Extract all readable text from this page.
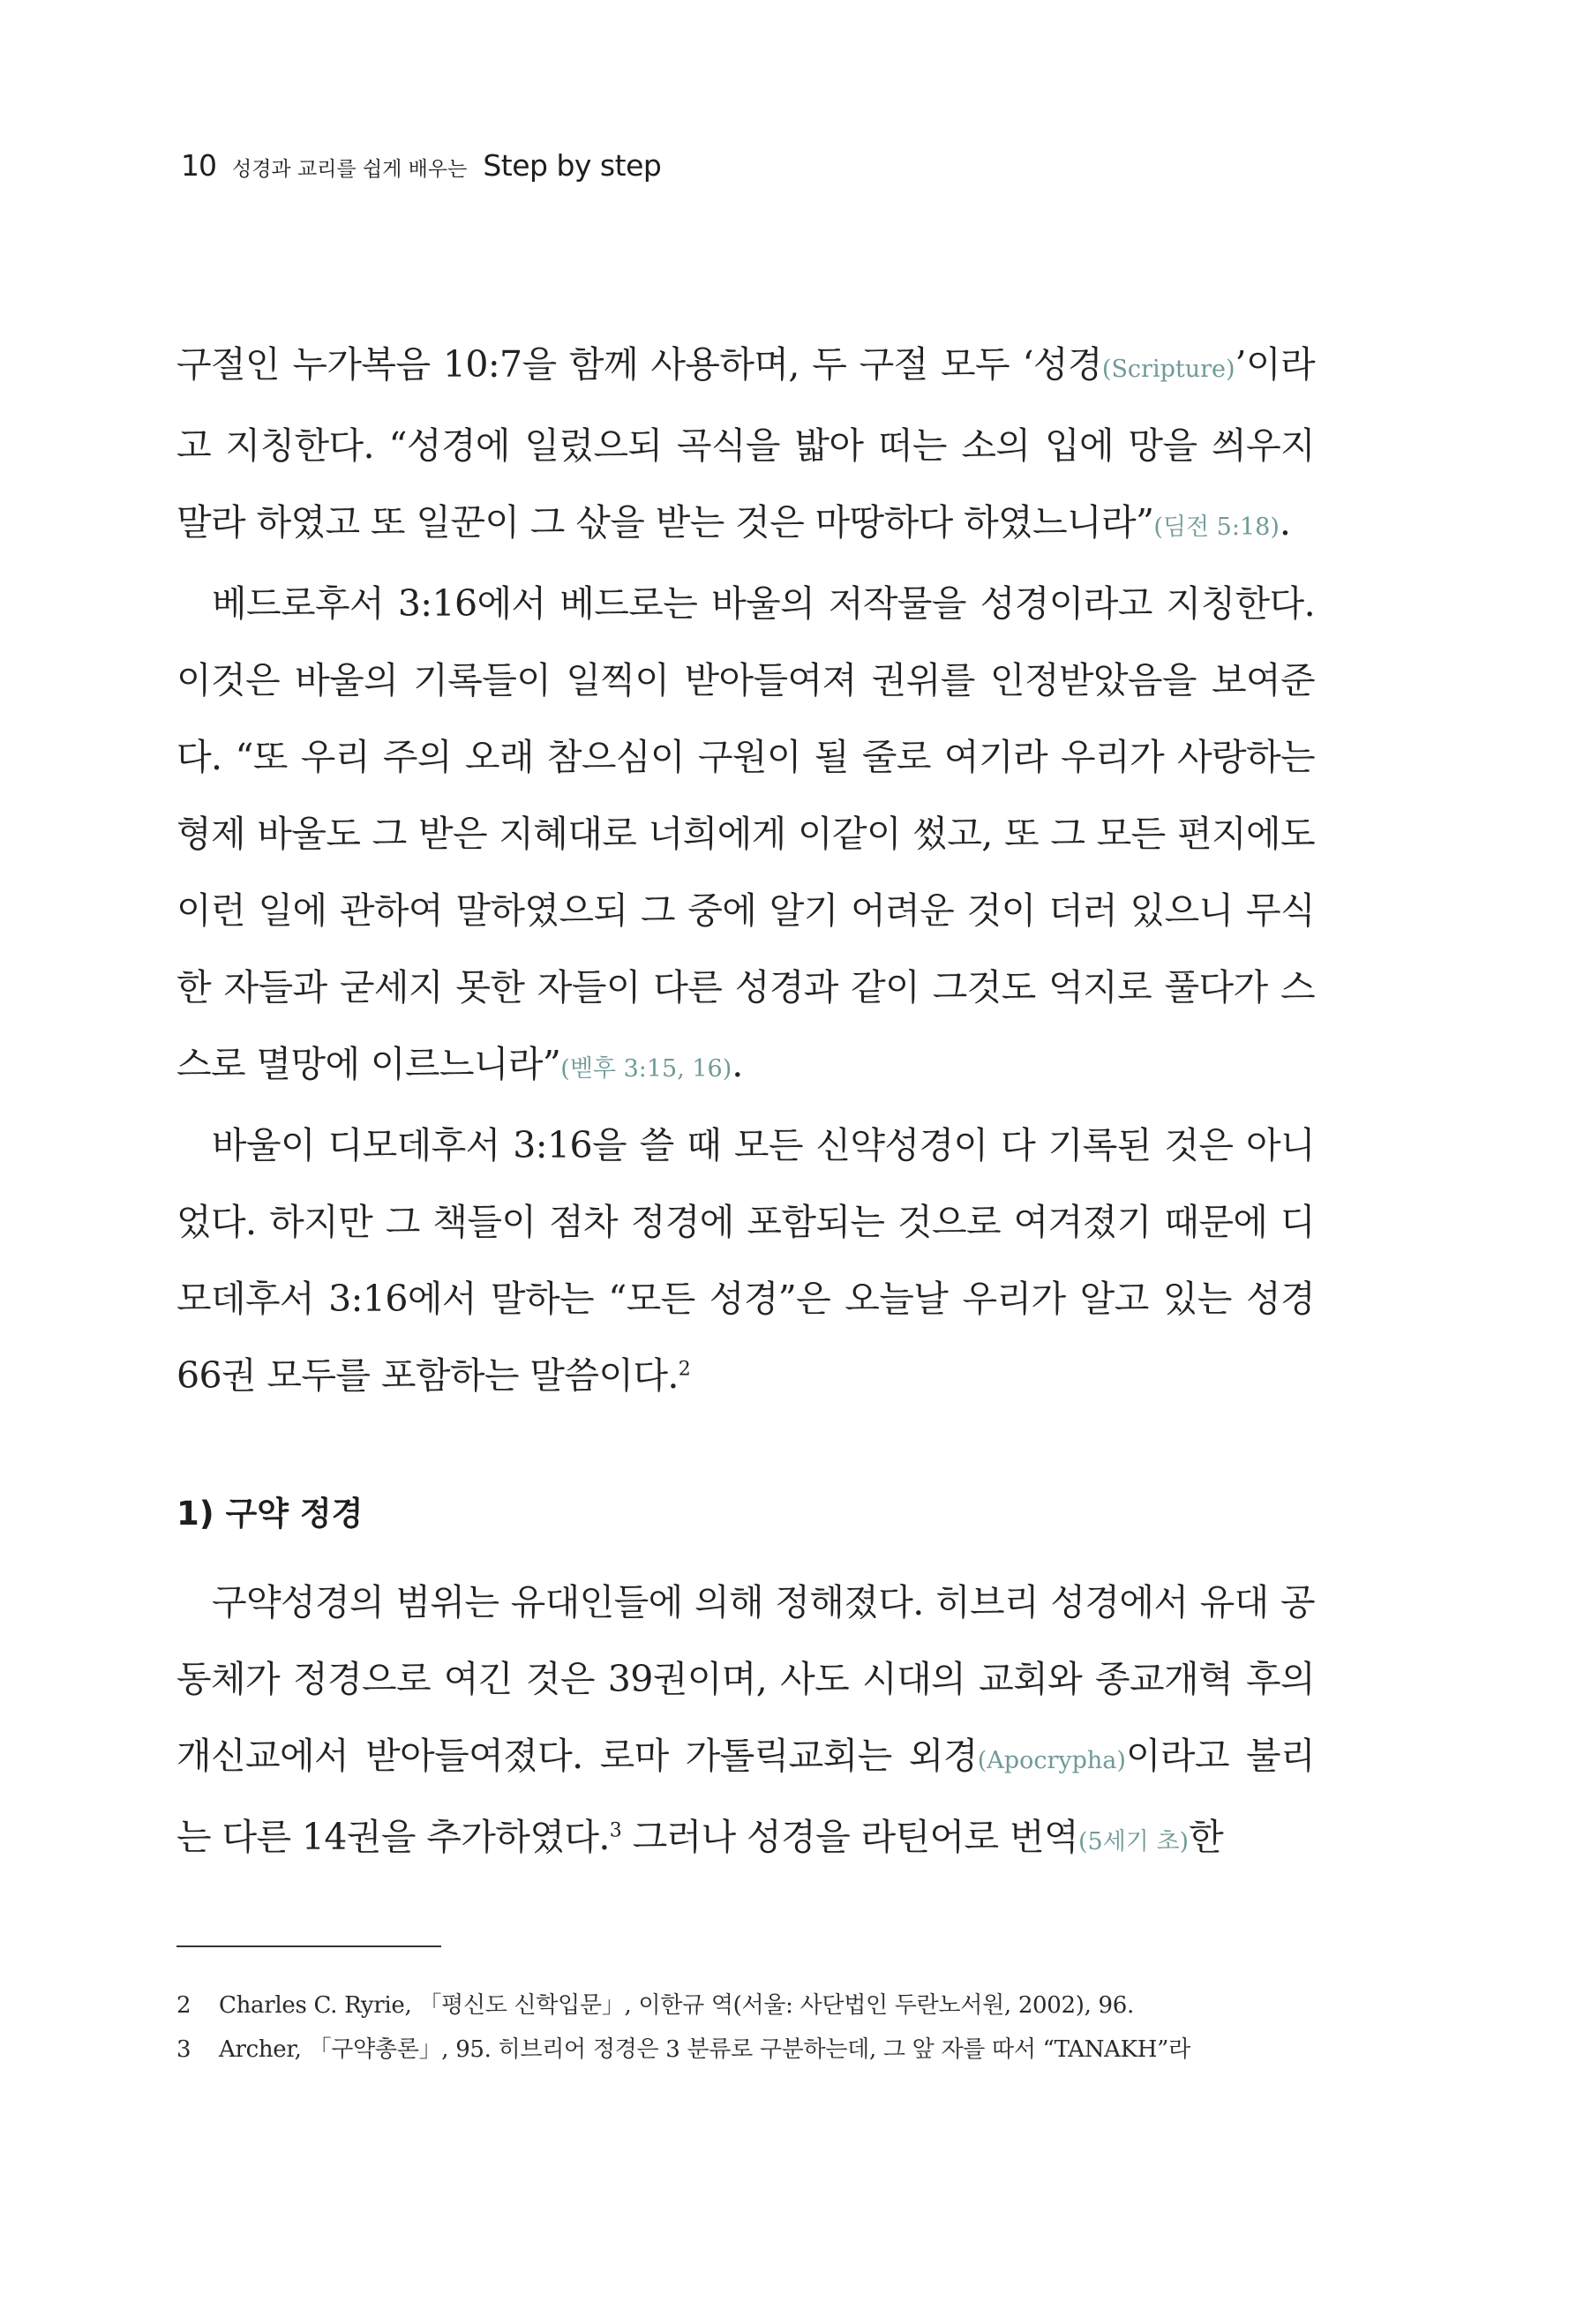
10 성경과 교리를 쉽게 배우는 Step by step

구절인 누가복음 10:7을 함께 사용하며, 두 구절 모두 ‘성경(Scripture)’이라고 지칭한다. “성경에 일렀으되 곡식을 밟아 떠는 소의 입에 망을 씌우지 말라 하였고 또 일꾼이 그 삯을 받는 것은 마땅하다 하였느니라”(딤전 5:18).

베드로후서 3:16에서 베드로는 바울의 저작물을 성경이라고 지칭한다. 이것은 바울의 기록들이 일찍이 받아들여져 권위를 인정받았음을 보여준다. “또 우리 주의 오래 참으심이 구원이 될 줄로 여기라 우리가 사랑하는 형제 바울도 그 받은 지혜대로 너희에게 이같이 썼고, 또 그 모든 편지에도 이런 일에 관하여 말하였으되 그 중에 알기 어려운 것이 더러 있으니 무식한 자들과 굳세지 못한 자들이 다른 성경과 같이 그것도 억지로 풀다가 스스로 멸망에 이르느니라”(벧후 3:15, 16).

바울이 디모데후서 3:16을 쓸 때 모든 신약성경이 다 기록된 것은 아니었다. 하지만 그 책들이 점차 정경에 포함되는 것으로 여겨졌기 때문에 디모데후서 3:16에서 말하는 “모든 성경”은 오늘날 우리가 알고 있는 성경 66권 모두를 포함하는 말씀이다.$^2$

1) 구약 정경

구약성경의 범위는 유대인들에 의해 정해졌다. 히브리 성경에서 유대 공동체가 정경으로 여긴 것은 39권이며, 사도 시대의 교회와 종교개혁 후의 개신교에서 받아들여졌다. 로마 가톨릭교회는 외경(Apocrypha)이라고 불리는 다른 14권을 추가하였다.$^3$ 그러나 성경을 라틴어로 번역(5세기 초)한

2	Charles C. Ryrie, 「평신도 신학입문」, 이한규 역(서울: 사단법인 두란노서원, 2002), 96.
3	Archer, 「구약총론」, 95. 히브리어 정경은 3 분류로 구분하는데, 그 앞 자를 따서 “TANAKH”라
